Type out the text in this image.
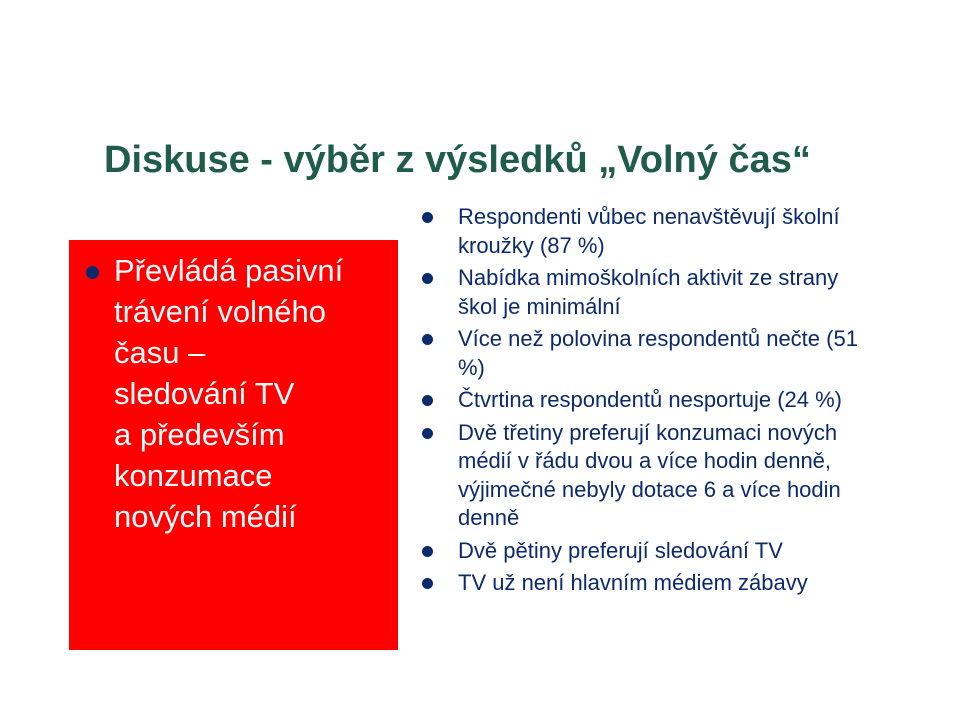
Diskuse - výběr z výsledků „Volný čas“
Převládá pasivní
trávení volného
času –
sledování TV
a především
konzumace
nových médií
Respondenti vůbec nenavštěvují školní
kroužky (87 %)
Nabídka mimoškolních aktivit ze strany
škol je minimální
Více než polovina respondentů nečte (51
%)
Čtvrtina respondentů nesportuje (24 %)
Dvě třetiny preferují konzumaci nových
médií v řádu dvou a více hodin denně,
výjimečné nebyly dotace 6 a více hodin
denně
Dvě pětiny preferují sledování TV
TV už není hlavním médiem zábavy
